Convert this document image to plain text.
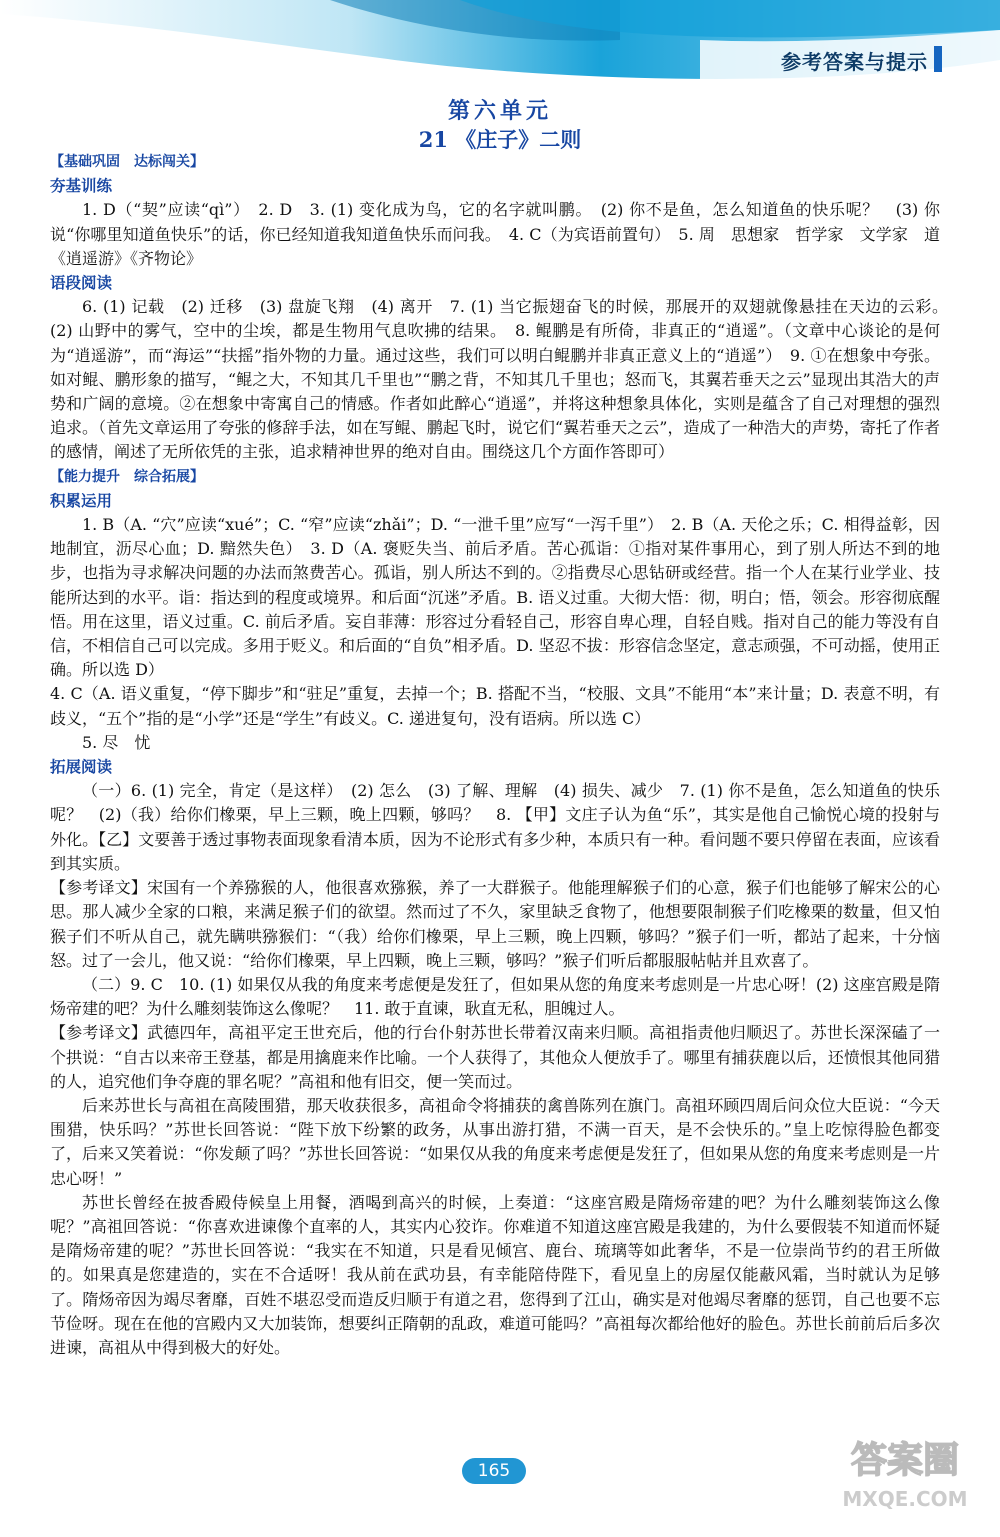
参考答案与提示
第六单元
21 《庄子》二则
【基础巩固　达标闯关】
夯基训练
1. D（“契”应读“qì”）　2. D　3. (1) 变化成为鸟，它的名字就叫鹏。　(2) 你不是鱼，怎么知道鱼的快乐呢？　(3) 你说“你哪里知道鱼快乐”的话，你已经知道我知道鱼快乐而问我。　4. C（为宾语前置句）　5. 周　思想家　哲学家　文学家　道　《逍遥游》《齐物论》
语段阅读
6. (1) 记载　(2) 迁移　(3) 盘旋飞翔　(4) 离开　7. (1) 当它振翅奋飞的时候，那展开的双翅就像悬挂在天边的云彩。　(2) 山野中的雾气，空中的尘埃，都是生物用气息吹拂的结果。　8. 鲲鹏是有所倚，非真正的“逍遥”。（文章中心谈论的是何为“逍遥游”，而“海运”“扶摇”指外物的力量。通过这些，我们可以明白鲲鹏并非真正意义上的“逍遥”）　9. ①在想象中夸张。如对鲲、鹏形象的描写，“鲲之大，不知其几千里也”“鹏之背，不知其几千里也；怒而飞，其翼若垂天之云”显现出其浩大的声势和广阔的意境。②在想象中寄寓自己的情感。作者如此醉心“逍遥”，并将这种想象具体化，实则是蕴含了自己对理想的强烈追求。（首先文章运用了夸张的修辞手法，如在写鲲、鹏起飞时，说它们“翼若垂天之云”，造成了一种浩大的声势，寄托了作者的感情，阐述了无所依凭的主张，追求精神世界的绝对自由。围绕这几个方面作答即可）
【能力提升　综合拓展】
积累运用
1. B（A. “穴”应读“xué”；C. “窄”应读“zhǎi”；D. “一泄千里”应写“一泻千里”）　2. B（A. 天伦之乐；C. 相得益彰，因地制宜，沥尽心血；D. 黯然失色）　3. D（A. 褒贬失当、前后矛盾。苦心孤诣：①指对某件事用心，到了别人所达不到的地步，也指为寻求解决问题的办法而煞费苦心。孤诣，别人所达不到的。②指费尽心思钻研或经营。指一个人在某行业学业、技能所达到的水平。诣：指达到的程度或境界。和后面“沉迷”矛盾。B. 语义过重。大彻大悟：彻，明白；悟，领会。形容彻底醒悟。用在这里，语义过重。C. 前后矛盾。妄自菲薄：形容过分看轻自己，形容自卑心理，自轻自贱。指对自己的能力等没有自信，不相信自己可以完成。多用于贬义。和后面的“自负”相矛盾。D. 坚忍不拔：形容信念坚定，意志顽强，不可动摇，使用正确。所以选 D）
4. C（A. 语义重复，“停下脚步”和“驻足”重复，去掉一个；B. 搭配不当，“校服、文具”不能用“本”来计量；D. 表意不明，有歧义，“五个”指的是“小学”还是“学生”有歧义。C. 递进复句，没有语病。所以选 C）
5. 尽　忧
拓展阅读
（一）6. (1) 完全，肯定（是这样）　(2) 怎么　(3) 了解、理解　(4) 损失、减少　7. (1) 你不是鱼，怎么知道鱼的快乐呢？　(2)（我）给你们橡栗，早上三颗，晚上四颗，够吗？　8. 【甲】文庄子认为鱼“乐”，其实是他自己愉悦心境的投射与外化。【乙】文要善于透过事物表面现象看清本质，因为不论形式有多少种，本质只有一种。看问题不要只停留在表面，应该看到其实质。
【参考译文】宋国有一个养猕猴的人，他很喜欢猕猴，养了一大群猴子。他能理解猴子们的心意，猴子们也能够了解宋公的心思。那人减少全家的口粮，来满足猴子们的欲望。然而过了不久，家里缺乏食物了，他想要限制猴子们吃橡栗的数量，但又怕猴子们不听从自己，就先瞒哄猕猴们：“（我）给你们橡栗，早上三颗，晚上四颗，够吗？”猴子们一听，都站了起来，十分恼怒。过了一会儿，他又说：“给你们橡栗，早上四颗，晚上三颗，够吗？”猴子们听后都服服帖帖并且欢喜了。
（二）9. C　10. (1) 如果仅从我的角度来考虑便是发狂了，但如果从您的角度来考虑则是一片忠心呀！(2) 这座宫殿是隋炀帝建的吧？为什么雕刻装饰这么像呢？　11. 敢于直谏，耿直无私，胆魄过人。
【参考译文】武德四年，高祖平定王世充后，他的行台仆射苏世长带着汉南来归顺。高祖指责他归顺迟了。苏世长深深磕了一个拱说：“自古以来帝王登基，都是用擒鹿来作比喻。一个人获得了，其他众人便放手了。哪里有捕获鹿以后，还愤恨其他同猎的人，追究他们争夺鹿的罪名呢？”高祖和他有旧交，便一笑而过。
后来苏世长与高祖在高陵围猎，那天收获很多，高祖命令将捕获的禽兽陈列在旗门。高祖环顾四周后问众位大臣说：“今天围猎，快乐吗？”苏世长回答说：“陛下放下纷繁的政务，从事出游打猎，不满一百天，是不会快乐的。”皇上吃惊得脸色都变了，后来又笑着说：“你发颠了吗？”苏世长回答说：“如果仅从我的角度来考虑便是发狂了，但如果从您的角度来考虑则是一片忠心呀！”
苏世长曾经在披香殿侍候皇上用餐，酒喝到高兴的时候，上奏道：“这座宫殿是隋炀帝建的吧？为什么雕刻装饰这么像呢？”高祖回答说：“你喜欢进谏像个直率的人，其实内心狡诈。你难道不知道这座宫殿是我建的，为什么要假装不知道而怀疑是隋炀帝建的呢？”苏世长回答说：“我实在不知道，只是看见倾宫、鹿台、琉璃等如此奢华，不是一位崇尚节约的君王所做的。如果真是您建造的，实在不合适呀！我从前在武功县，有幸能陪侍陛下，看见皇上的房屋仅能蔽风霜，当时就认为足够了。隋炀帝因为竭尽奢靡，百姓不堪忍受而造反归顺于有道之君，您得到了江山，确实是对他竭尽奢靡的惩罚，自己也要不忘节俭呀。现在在他的宫殿内又大加装饰，想要纠正隋朝的乱政，难道可能吗？”高祖每次都给他好的脸色。苏世长前前后后多次进谏，高祖从中得到极大的好处。
165	答案圈
MXQE.COM
